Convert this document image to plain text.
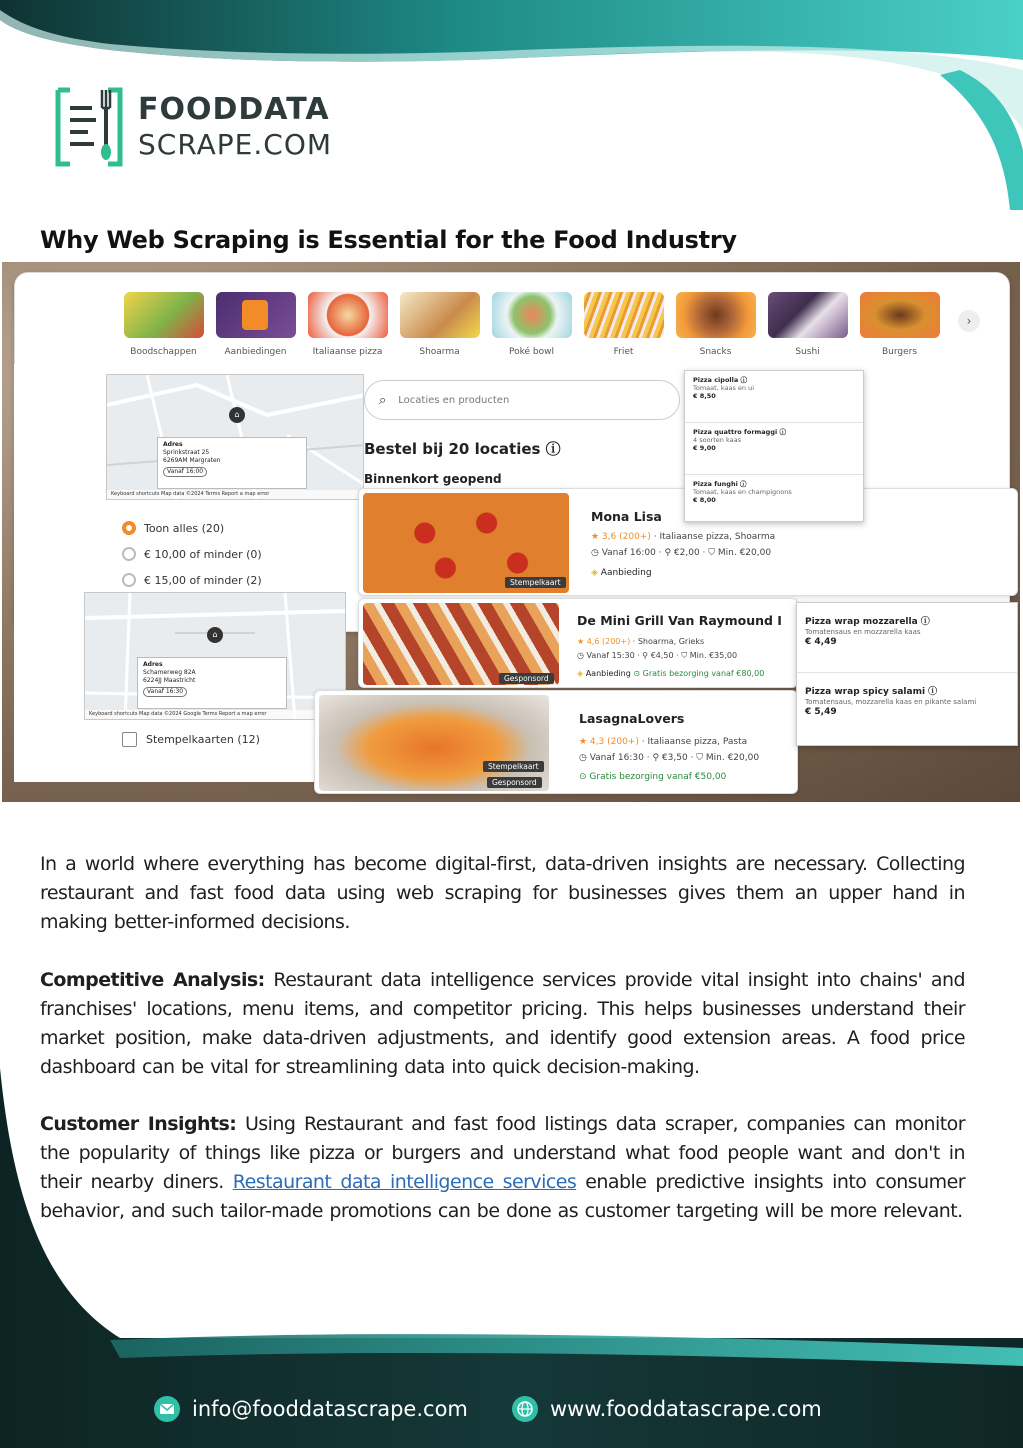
FOODDATA
SCRAPE.COM
Why Web Scraping is Essential for the Food Industry
Boodschappen	Aanbiedingen	Italiaanse pizza	Shoarma	Poké bowl	Friet	Snacks	Sushi	Burgers
›
⌂
Adres
Sprinkstraat 25
6269AM Margraten
Vanaf 16:00
Keyboard shortcuts Map data ©2024 Terms Report a map error
Toon alles (20)
€ 10,00 of minder (0)
€ 15,00 of minder (2)
⌂
Adres
Schamerweg 82A
6224JJ Maastricht
Vanaf 16:30
Keyboard shortcuts Map data ©2024 Google Terms Report a map error
Stempelkaarten (12)
⌕ Locaties en producten
Bestel bij 20 locaties ⓘ
Binnenkort geopend
Stempelkaart
Mona Lisa
★ 3,6 (200+) · Italiaanse pizza, Shoarma
◷ Vanaf 16:00 · ⚲ €2,00 · ⛉ Min. €20,00
◈ Aanbieding
Gesponsord
De Mini Grill Van Raymound I
★ 4,6 (200+) · Shoarma, Grieks
◷ Vanaf 15:30 · ⚲ €4,50 · ⛉ Min. €35,00
◈ Aanbieding ⊙ Gratis bezorging vanaf €80,00
Stempelkaart
Gesponsord
LasagnaLovers
★ 4,3 (200+) · Italiaanse pizza, Pasta
◷ Vanaf 16:30 · ⚲ €3,50 · ⛉ Min. €20,00
⊙ Gratis bezorging vanaf €50,00
Pizza cipolla ⓘ
Tomaat, kaas en ui
€ 8,50
Pizza quattro formaggi ⓘ
4 soorten kaas
€ 9,00
Pizza funghi ⓘ
Tomaat, kaas en champignons
€ 8,00
Pizza wrap mozzarella ⓘ
Tomatensaus en mozzarella kaas
€ 4,49
Pizza wrap spicy salami ⓘ
Tomatensaus, mozzarella kaas en pikante salami
€ 5,49

In a world where everything has become digital-first, data-driven insights are necessary. Collecting restaurant and fast food data using web scraping for businesses gives them an upper hand in making better-informed decisions.

Competitive Analysis: Restaurant data intelligence services provide vital insight into chains' and franchises' locations, menu items, and competitor pricing. This helps businesses understand their market position, make data-driven adjustments, and identify good extension areas. A food price dashboard can be vital for streamlining data into quick decision-making.

Customer Insights: Using Restaurant and fast food listings data scraper, companies can monitor the popularity of things like pizza or burgers and understand what food people want and don't in their nearby diners. Restaurant data intelligence services enable predictive insights into consumer behavior, and such tailor-made promotions can be done as customer targeting will be more relevant.

info@fooddatascrape.com	www.fooddatascrape.com
